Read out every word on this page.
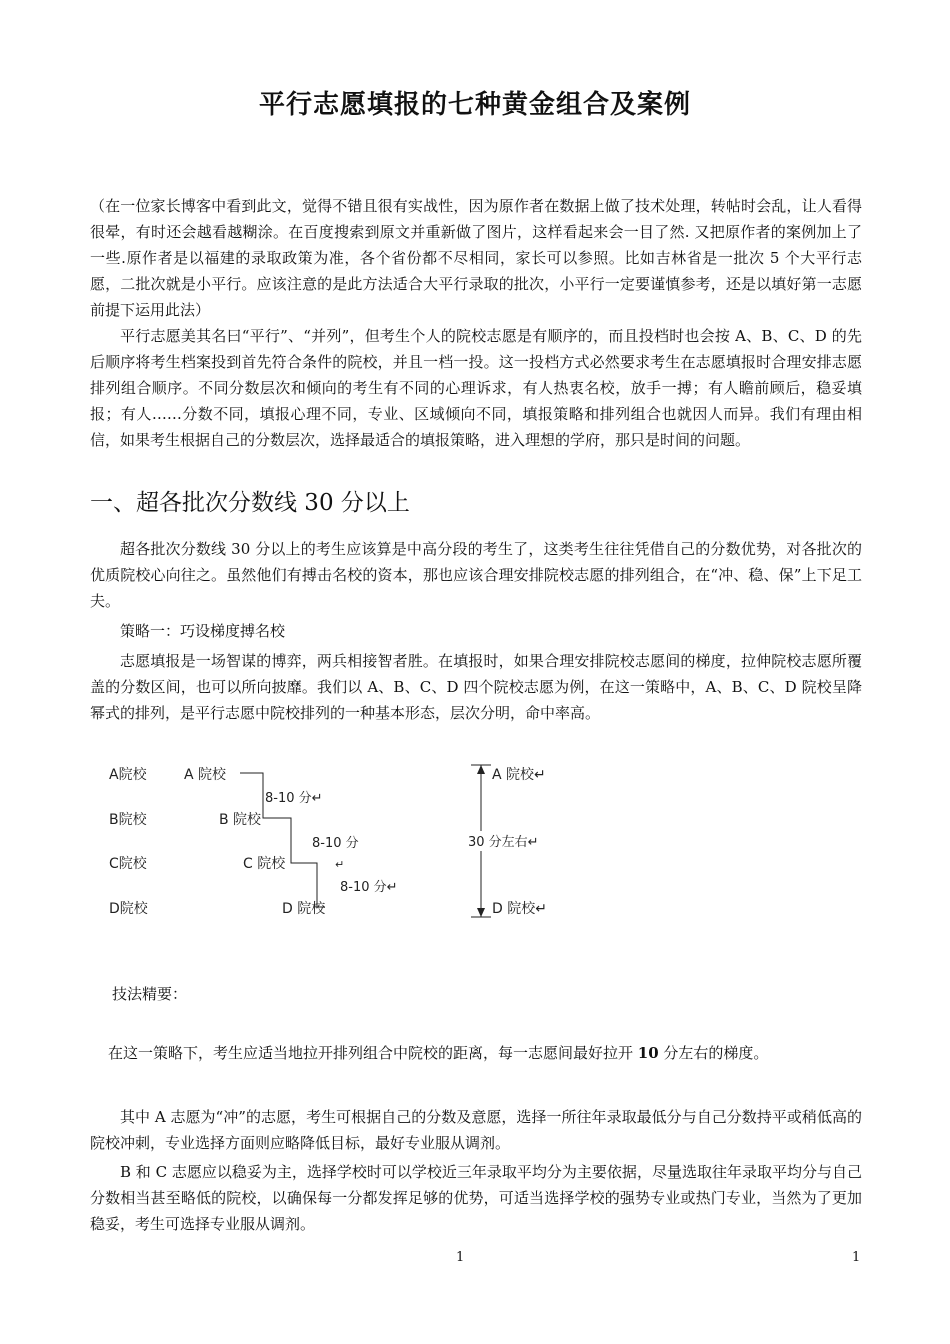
平行志愿填报的七种黄金组合及案例

（在一位家长博客中看到此文，觉得不错且很有实战性，因为原作者在数据上做了技术处理，转帖时会乱，让人看得很晕，有时还会越看越糊涂。在百度搜索到原文并重新做了图片，这样看起来会一目了然. 又把原作者的案例加上了一些.原作者是以福建的录取政策为准，各个省份都不尽相同，家长可以参照。比如吉林省是一批次 5 个大平行志愿，二批次就是小平行。应该注意的是此方法适合大平行录取的批次，小平行一定要谨慎参考，还是以填好第一志愿前提下运用此法）

平行志愿美其名曰“平行”、“并列”，但考生个人的院校志愿是有顺序的，而且投档时也会按 A、B、C、D 的先后顺序将考生档案投到首先符合条件的院校，并且一档一投。这一投档方式必然要求考生在志愿填报时合理安排志愿排列组合顺序。不同分数层次和倾向的考生有不同的心理诉求，有人热衷名校，放手一搏；有人瞻前顾后，稳妥填报；有人……分数不同，填报心理不同，专业、区域倾向不同，填报策略和排列组合也就因人而异。我们有理由相信，如果考生根据自己的分数层次，选择最适合的填报策略，进入理想的学府，那只是时间的问题。

一、超各批次分数线 30 分以上

超各批次分数线 30 分以上的考生应该算是中高分段的考生了，这类考生往往凭借自己的分数优势，对各批次的优质院校心向往之。虽然他们有搏击名校的资本，那也应该合理安排院校志愿的排列组合，在“冲、稳、保”上下足工夫。

策略一：巧设梯度搏名校

志愿填报是一场智谋的博弈，两兵相接智者胜。在填报时，如果合理安排院校志愿间的梯度，拉伸院校志愿所覆盖的分数区间，也可以所向披靡。我们以 A、B、C、D 四个院校志愿为例，在这一策略中，A、B、C、D 院校呈降幂式的排列，是平行志愿中院校排列的一种基本形态，层次分明，命中率高。

A院校
B院校
C院校
D院校
A 院校
B 院校
C 院校
D 院校
8-10 分↵
8-10 分
↵
8-10 分↵
A 院校↵
30 分左右↵
D 院校↵

技法精要：

在这一策略下，考生应适当地拉开排列组合中院校的距离，每一志愿间最好拉开 10 分左右的梯度。

其中 A 志愿为“冲”的志愿，考生可根据自己的分数及意愿，选择一所往年录取最低分与自己分数持平或稍低高的院校冲刺，专业选择方面则应略降低目标，最好专业服从调剂。

B 和 C 志愿应以稳妥为主，选择学校时可以学校近三年录取平均分为主要依据，尽量选取往年录取平均分与自己分数相当甚至略低的院校，以确保每一分都发挥足够的优势，可适当选择学校的强势专业或热门专业，当然为了更加稳妥，考生可选择专业服从调剂。

1	1
